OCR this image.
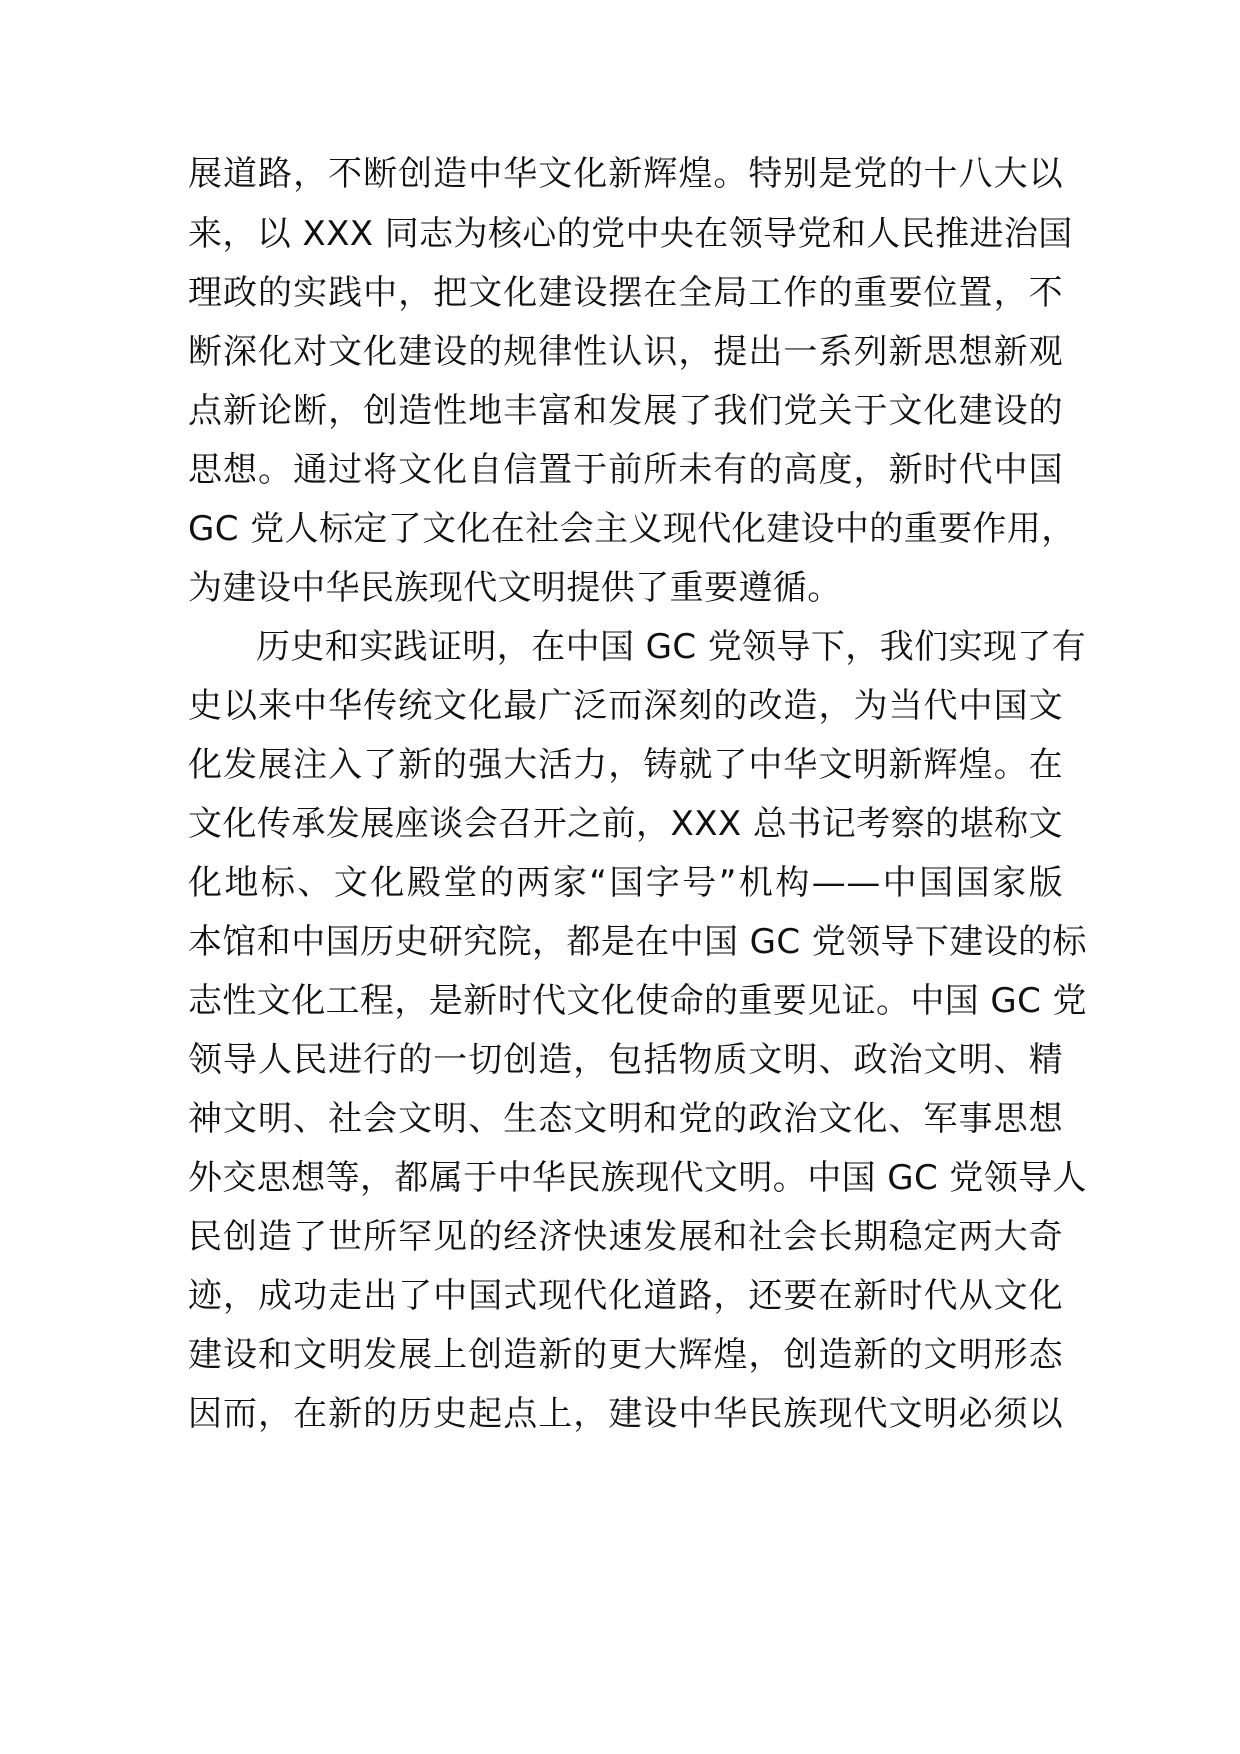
展道路，不断创造中华文化新辉煌。特别是党的十八大以
来，以 XXX 同志为核心的党中央在领导党和人民推进治国
理政的实践中，把文化建设摆在全局工作的重要位置，不
断深化对文化建设的规律性认识，提出一系列新思想新观
点新论断，创造性地丰富和发展了我们党关于文化建设的
思想。通过将文化自信置于前所未有的高度，新时代中国
GC 党人标定了文化在社会主义现代化建设中的重要作用，
为建设中华民族现代文明提供了重要遵循。
历史和实践证明，在中国 GC 党领导下，我们实现了有
史以来中华传统文化最广泛而深刻的改造，为当代中国文
化发展注入了新的强大活力，铸就了中华文明新辉煌。在
文化传承发展座谈会召开之前，XXX 总书记考察的堪称文
化地标、文化殿堂的两家“国字号”机构——中国国家版
本馆和中国历史研究院，都是在中国 GC 党领导下建设的标
志性文化工程，是新时代文化使命的重要见证。中国 GC 党
领导人民进行的一切创造，包括物质文明、政治文明、精
神文明、社会文明、生态文明和党的政治文化、军事思想
外交思想等，都属于中华民族现代文明。中国 GC 党领导人
民创造了世所罕见的经济快速发展和社会长期稳定两大奇
迹，成功走出了中国式现代化道路，还要在新时代从文化
建设和文明发展上创造新的更大辉煌，创造新的文明形态
因而，在新的历史起点上，建设中华民族现代文明必须以
